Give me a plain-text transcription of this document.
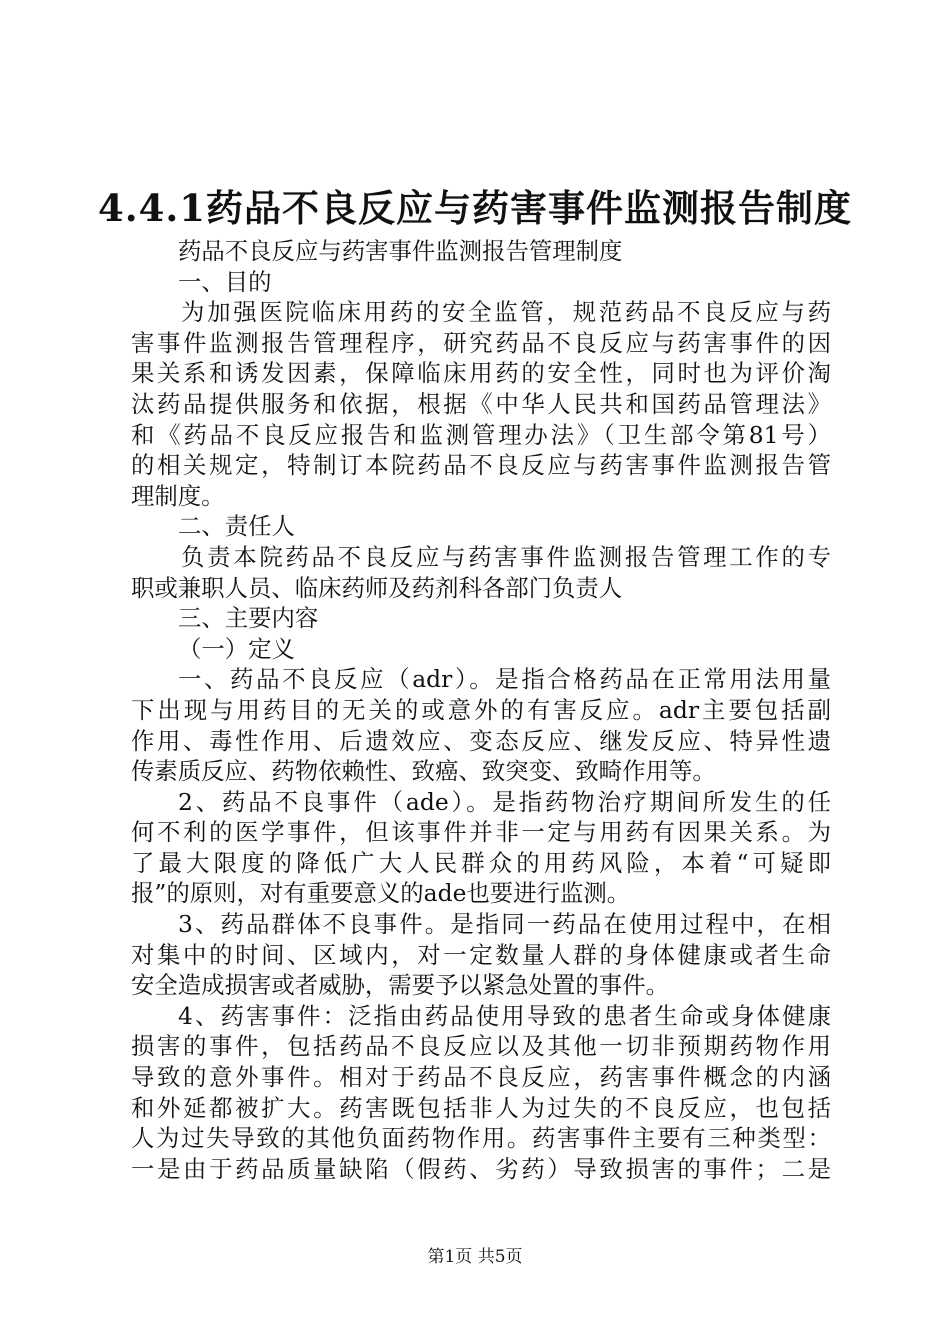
4.4.1药品不良反应与药害事件监测报告制度
药品不良反应与药害事件监测报告管理制度
一、目的
为加强医院临床用药的安全监管，规范药品不良反应与药
害事件监测报告管理程序，研究药品不良反应与药害事件的因
果关系和诱发因素，保障临床用药的安全性，同时也为评价淘
汰药品提供服务和依据，根据《中华人民共和国药品管理法》
和《药品不良反应报告和监测管理办法》（卫生部令第81号）
的相关规定，特制订本院药品不良反应与药害事件监测报告管
理制度。
二、责任人
负责本院药品不良反应与药害事件监测报告管理工作的专
职或兼职人员、临床药师及药剂科各部门负责人
三、主要内容
（一）定义
一、药品不良反应（adr）。是指合格药品在正常用法用量
下出现与用药目的无关的或意外的有害反应。adr主要包括副
作用、毒性作用、后遗效应、变态反应、继发反应、特异性遗
传素质反应、药物依赖性、致癌、致突变、致畸作用等。
2、药品不良事件（ade）。是指药物治疗期间所发生的任
何不利的医学事件，但该事件并非一定与用药有因果关系。为
了最大限度的降低广大人民群众的用药风险，本着“可疑即
报”的原则，对有重要意义的ade也要进行监测。
3、药品群体不良事件。是指同一药品在使用过程中，在相
对集中的时间、区域内，对一定数量人群的身体健康或者生命
安全造成损害或者威胁，需要予以紧急处置的事件。
4、药害事件：泛指由药品使用导致的患者生命或身体健康
损害的事件，包括药品不良反应以及其他一切非预期药物作用
导致的意外事件。相对于药品不良反应，药害事件概念的内涵
和外延都被扩大。药害既包括非人为过失的不良反应，也包括
人为过失导致的其他负面药物作用。药害事件主要有三种类型：
一是由于药品质量缺陷（假药、劣药）导致损害的事件；二是
第1页 共5页
